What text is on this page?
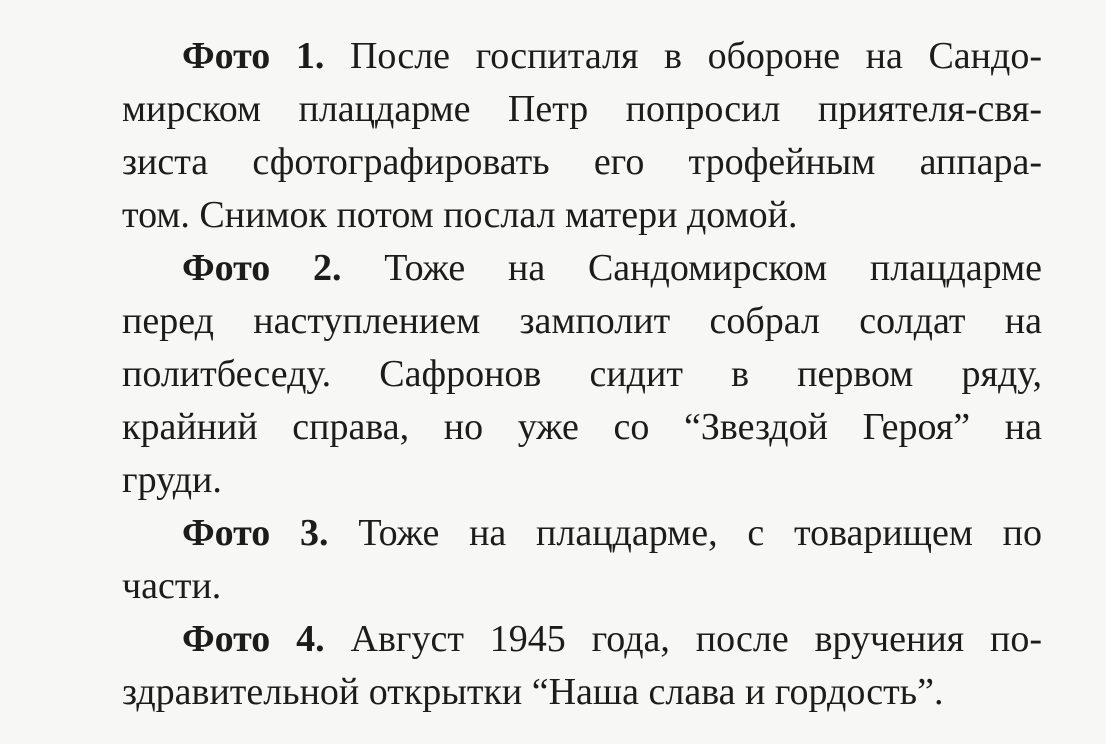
Фото 1. После госпиталя в обороне на Сандо-
мирском плацдарме Петр попросил приятеля-свя-
зиста сфотографировать его трофейным аппара-
том. Снимок потом послал матери домой.

Фото 2. Тоже на Сандомирском плацдарме
перед наступлением замполит собрал солдат на
политбеседу. Сафронов сидит в первом ряду,
крайний справа, но уже со “Звездой Героя” на
груди.

Фото 3. Тоже на плацдарме, с товарищем по
части.

Фото 4. Август 1945 года, после вручения по-
здравительной открытки “Наша слава и гордость”.
